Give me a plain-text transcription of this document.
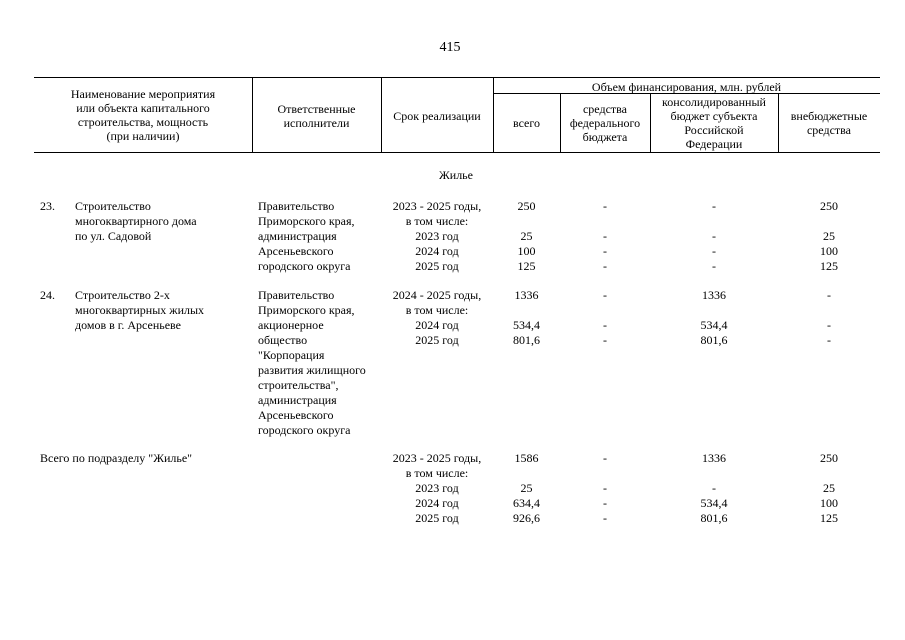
415
Наименование мероприятия
или объекта капитального
строительства, мощность
(при наличии)
Ответственные
исполнители	Срок реализации
Объем финансирования, млн. рублей
всего
средства
федерального
бюджета
консолидированный
бюджет субъекта
Российской
Федерации
внебюджетные
средства
Жилье
23. Строительство
многоквартирного дома
по ул. Садовой
Правительство
Приморского края,
администрация
Арсеньевского
городского округа
2023 - 2025 годы,
в том числе:
2023 год
2024 год
2025 год
250

25
100
125
-

-
-
-
-

-
-
-
250

25
100
125
24. Строительство 2-х
многоквартирных жилых
домов в г. Арсеньеве
Правительство
Приморского края,
акционерное
общество
"Корпорация
развития жилищного
строительства",
администрация
Арсеньевского
городского округа
2024 - 2025 годы,
в том числе:
2024 год
2025 год
1336

534,4
801,6
-

-
-
1336

534,4
801,6
-

-
-
Всего по подразделу "Жилье"	2023 - 2025 годы,
в том числе:
2023 год
2024 год
2025 год
1586

25
634,4
926,6
-

-
-
-
1336

-
534,4
801,6
250

25
100
125
